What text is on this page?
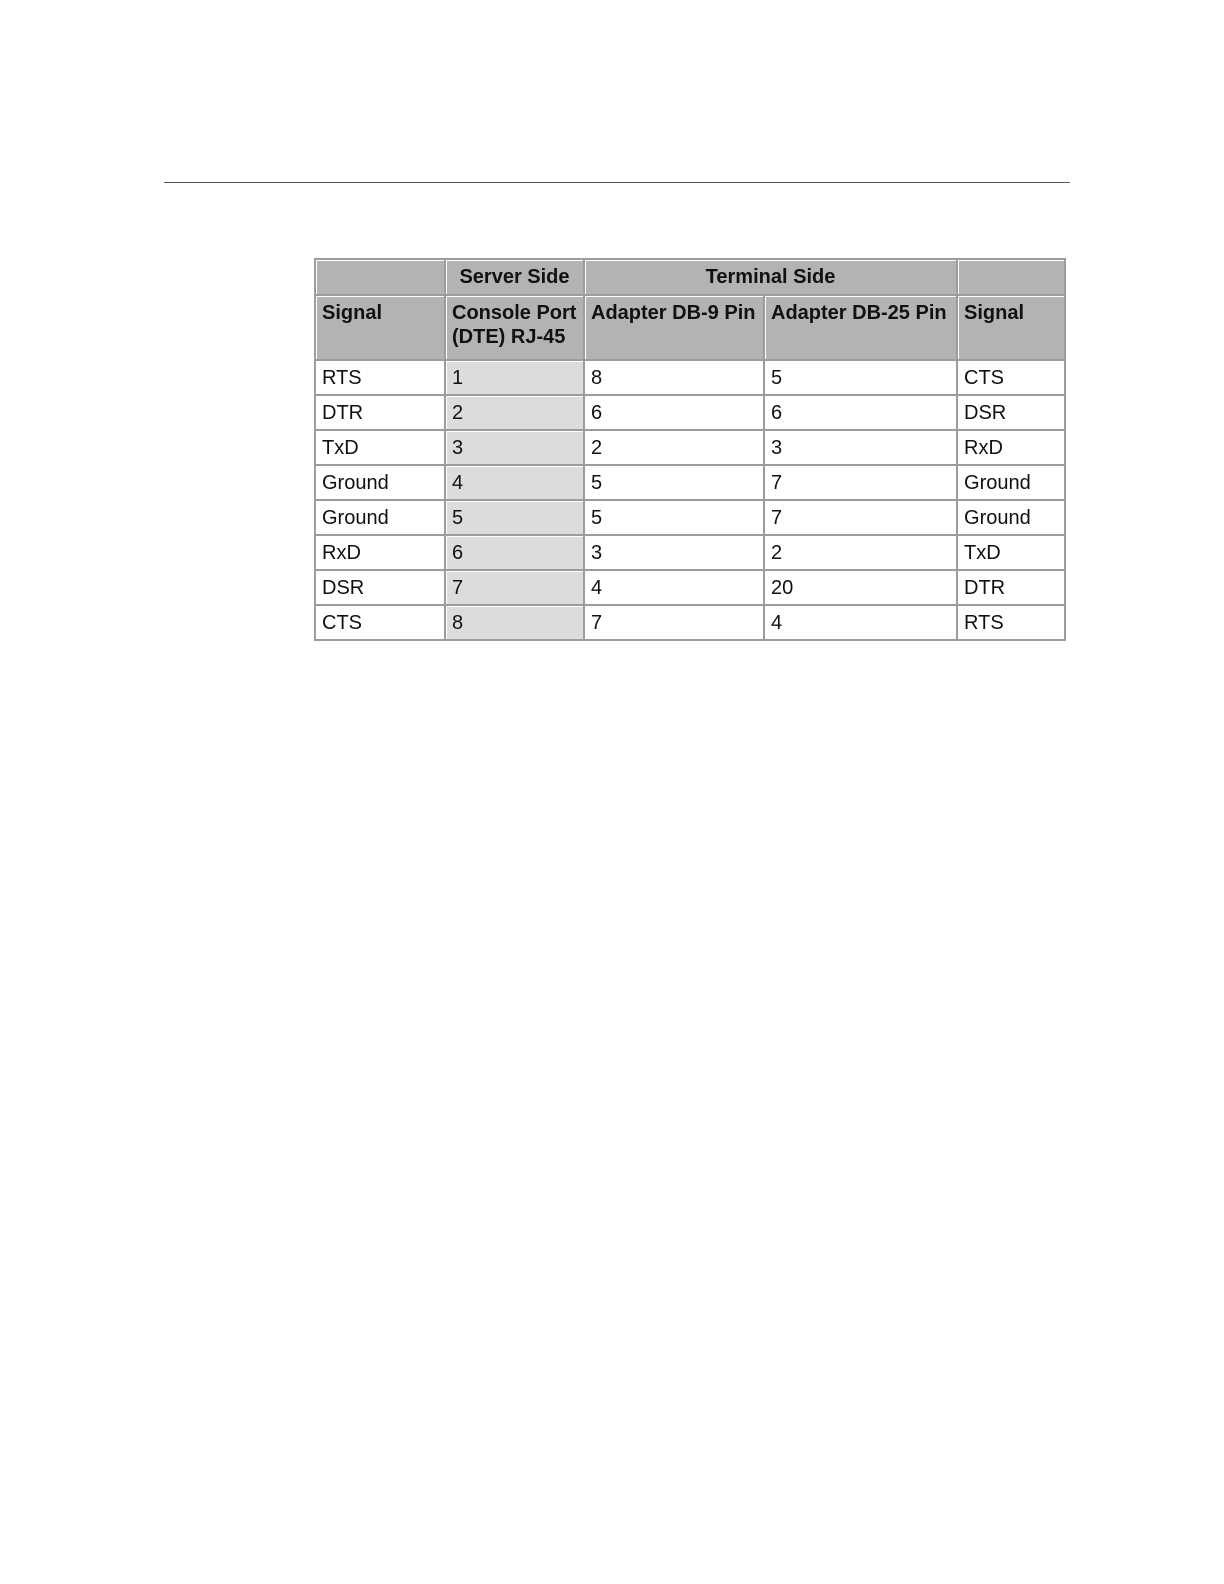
	Server Side	Terminal Side		
Signal	Console Port (DTE) RJ-45	Adapter DB-9 Pin	Adapter DB-25 Pin	Signal
RTS	1	8	5	CTS
DTR	2	6	6	DSR
TxD	3	2	3	RxD
Ground	4	5	7	Ground
Ground	5	5	7	Ground
RxD	6	3	2	TxD
DSR	7	4	20	DTR
CTS	8	7	4	RTS
